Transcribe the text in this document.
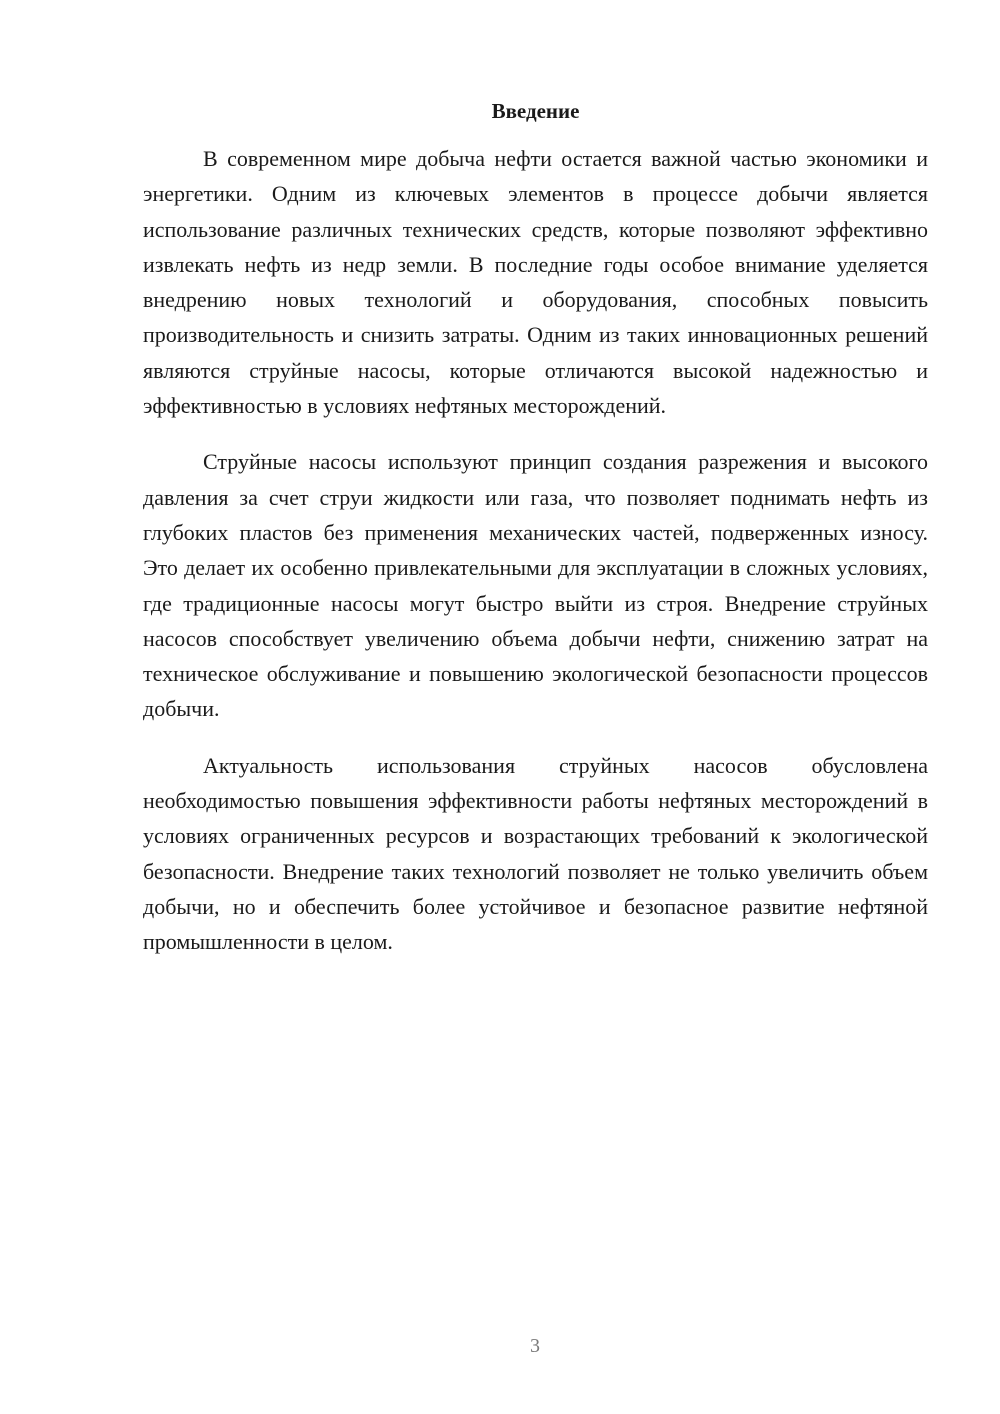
Введение

В современном мире добыча нефти остается важной частью экономики и энергетики. Одним из ключевых элементов в процессе добычи является использование различных технических средств, которые позволяют эффективно извлекать нефть из недр земли. В последние годы особое внимание уделяется внедрению новых технологий и оборудования, способных повысить производительность и снизить затраты. Одним из таких инновационных решений являются струйные насосы, которые отличаются высокой надежностью и эффективностью в условиях нефтяных месторождений.

Струйные насосы используют принцип создания разрежения и высокого давления за счет струи жидкости или газа, что позволяет поднимать нефть из глубоких пластов без применения механических частей, подверженных износу. Это делает их особенно привлекательными для эксплуатации в сложных условиях, где традиционные насосы могут быстро выйти из строя. Внедрение струйных насосов способствует увеличению объема добычи нефти, снижению затрат на техническое обслуживание и повышению экологической безопасности процессов добычи.

Актуальность использования струйных насосов обусловлена необходимостью повышения эффективности работы нефтяных месторождений в условиях ограниченных ресурсов и возрастающих требований к экологической безопасности. Внедрение таких технологий позволяет не только увеличить объем добычи, но и обеспечить более устойчивое и безопасное развитие нефтяной промышленности в целом.

3
